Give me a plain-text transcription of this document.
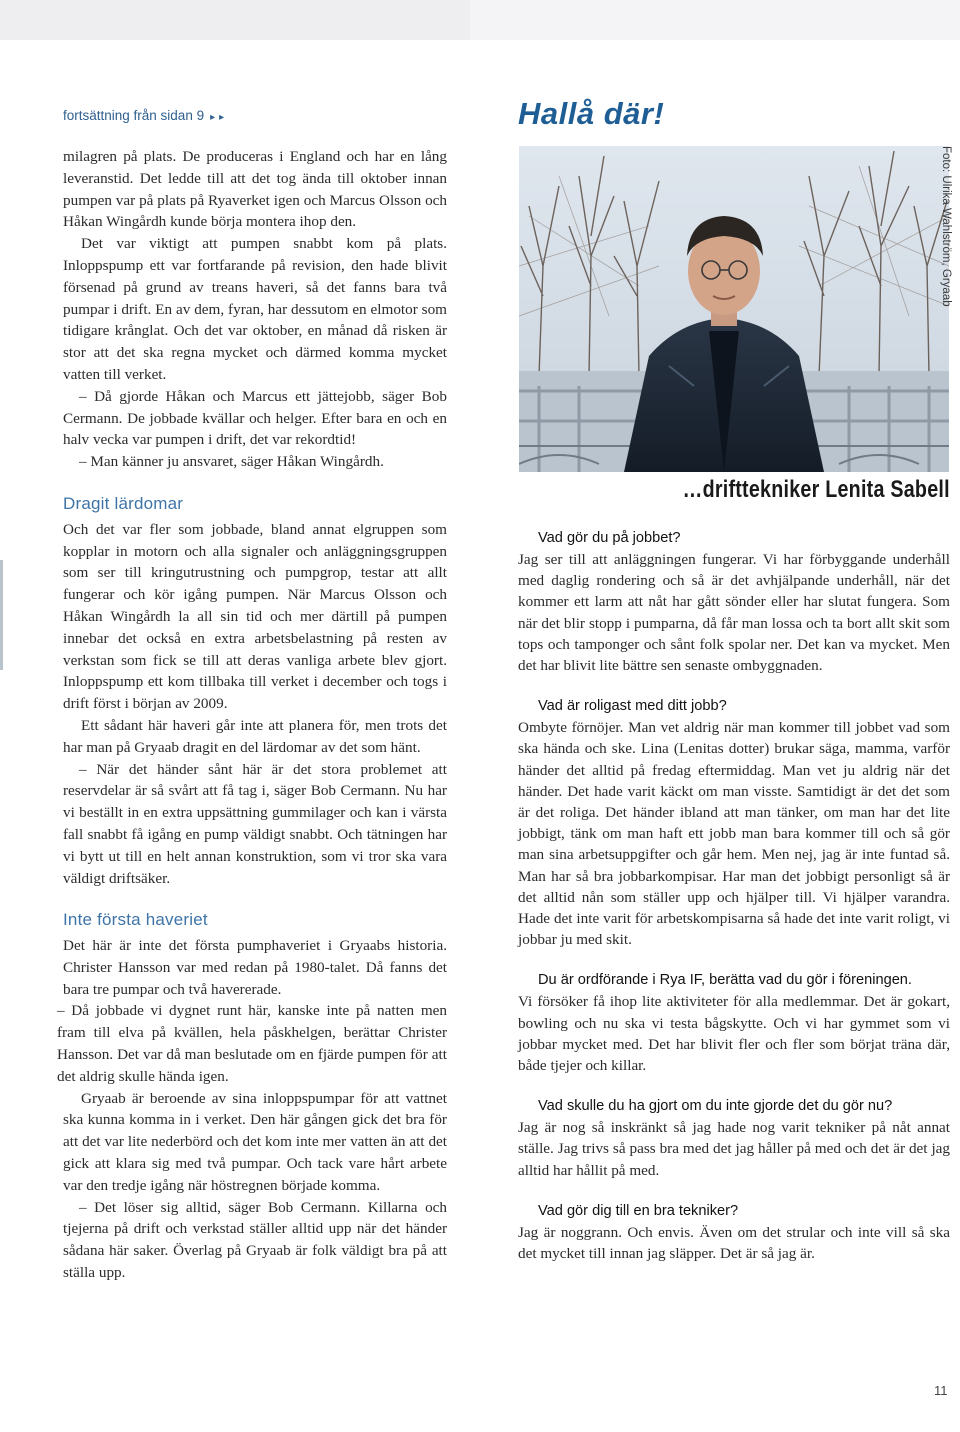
fortsättning från sidan 9 ▸▸

milagren på plats. De produceras i England och har en lång leveranstid. Det ledde till att det tog ända till oktober innan pumpen var på plats på Ryaverket igen och Marcus Olsson och Håkan Wingårdh kunde börja montera ihop den.

Det var viktigt att pumpen snabbt kom på plats. Inloppspump ett var fortfarande på revision, den hade blivit försenad på grund av treans haveri, så det fanns bara två pumpar i drift. En av dem, fyran, har dessutom en elmotor som tidigare krånglat. Och det var oktober, en månad då risken är stor att det ska regna mycket och därmed komma mycket vatten till verket.

– Då gjorde Håkan och Marcus ett jättejobb, säger Bob Cermann. De jobbade kvällar och helger. Efter bara en och en halv vecka var pumpen i drift, det var rekordtid!

– Man känner ju ansvaret, säger Håkan Wingårdh.

Dragit lärdomar

Och det var fler som jobbade, bland annat elgruppen som kopplar in motorn och alla signaler och anläggningsgruppen som ser till kringutrustning och pumpgrop, testar att allt fungerar och kör igång pumpen. När Marcus Olsson och Håkan Wingårdh la all sin tid och mer därtill på pumpen innebar det också en extra arbetsbelastning på resten av verkstan som fick se till att deras vanliga arbete blev gjort. Inloppspump ett kom tillbaka till verket i december och togs i drift först i början av 2009.

Ett sådant här haveri går inte att planera för, men trots det har man på Gryaab dragit en del lärdomar av det som hänt.

– När det händer sånt här är det stora problemet att reservdelar är så svårt att få tag i, säger Bob Cermann. Nu har vi beställt in en extra uppsättning gummilager och kan i värsta fall snabbt få igång en pump väldigt snabbt. Och tätningen har vi bytt ut till en helt annan konstruktion, som vi tror ska vara väldigt driftsäker.

Inte första haveriet

Det här är inte det första pumphaveriet i Gryaabs historia. Christer Hansson var med redan på 1980-talet. Då fanns det bara tre pumpar och två havererade.

– Då jobbade vi dygnet runt här, kanske inte på natten men fram till elva på kvällen, hela påskhelgen, berättar Christer Hansson. Det var då man beslutade om en fjärde pumpen för att det aldrig skulle hända igen.

Gryaab är beroende av sina inloppspumpar för att vattnet ska kunna komma in i verket. Den här gången gick det bra för att det var lite nederbörd och det kom inte mer vatten än att det gick att klara sig med två pumpar. Och tack vare hårt arbete var den tredje igång när höstregnen började komma.

– Det löser sig alltid, säger Bob Cermann. Killarna och tjejerna på drift och verkstad ställer alltid upp när det händer sådana här saker. Överlag på Gryaab är folk väldigt bra på att ställa upp.

Hallå där!
Foto: Ulrika Wahlström, Gryaab
…drifttekniker Lenita Sabell
Vad gör du på jobbet?

Jag ser till att anläggningen fungerar. Vi har förbyggande underhåll med daglig rondering och så är det avhjälpande underhåll, när det kommer ett larm att nåt har gått sönder eller har slutat fungera. Som när det blir stopp i pumparna, då får man lossa och ta bort allt skit som tops och tamponger och sånt folk spolar ner. Det kan va mycket. Men det har blivit lite bättre sen senaste ombyggnaden.

Vad är roligast med ditt jobb?

Ombyte förnöjer. Man vet aldrig när man kommer till jobbet vad som ska hända och ske. Lina (Lenitas dotter) brukar säga, mamma, varför händer det alltid på fredag eftermiddag. Man vet ju aldrig när det händer. Det hade varit käckt om man visste. Samtidigt är det det som är det roliga. Det händer ibland att man tänker, om man har det lite jobbigt, tänk om man haft ett jobb man bara kommer till och så gör man sina arbetsuppgifter och går hem. Men nej, jag är inte funtad så. Man har så bra jobbarkompisar. Har man det jobbigt personligt så är det alltid nån som ställer upp och hjälper till. Vi hjälper varandra. Hade det inte varit för arbetskompisarna så hade det inte varit roligt, vi jobbar ju med skit.

Du är ordförande i Rya IF, berätta vad du gör i föreningen.

Vi försöker få ihop lite aktiviteter för alla medlemmar. Det är gokart, bowling och nu ska vi testa bågskytte. Och vi har gymmet som vi jobbar mycket med. Det har blivit fler och fler som börjat träna där, både tjejer och killar.

Vad skulle du ha gjort om du inte gjorde det du gör nu?

Jag är nog så inskränkt så jag hade nog varit tekniker på nåt annat ställe. Jag trivs så pass bra med det jag håller på med och det är det jag alltid har hållit på med.

Vad gör dig till en bra tekniker?

Jag är noggrann. Och envis. Även om det strular och inte vill så ska det mycket till innan jag släpper. Det är så jag är.

11
